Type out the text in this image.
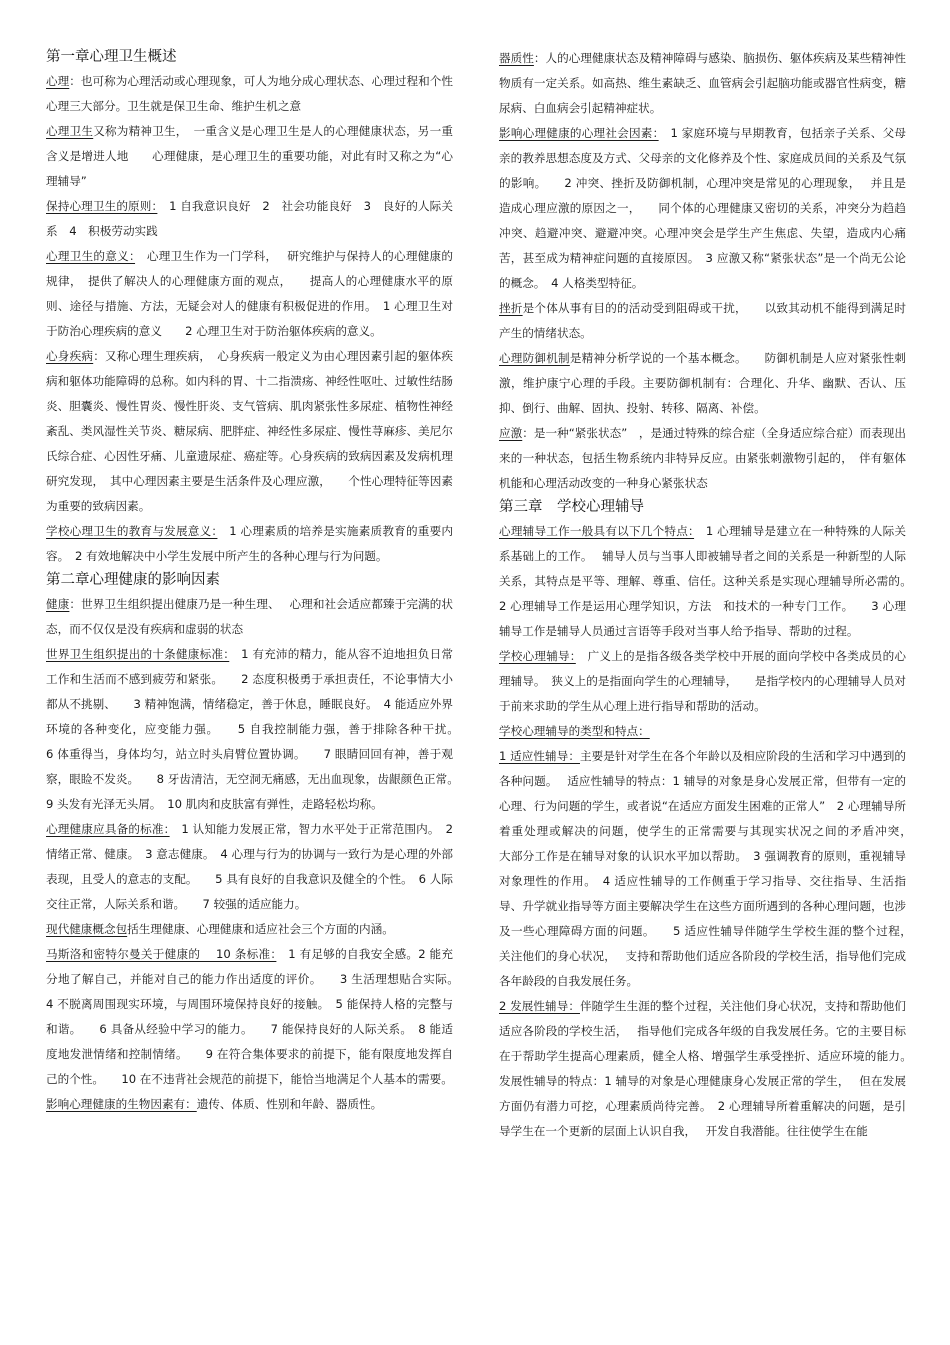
第一章心理卫生概述

心理：也可称为心理活动或心理现象，可人为地分成心理状态、心理过程和个性心理三大部分。卫生就是保卫生命、维护生机之意

心理卫生又称为精神卫生，　一重含义是心理卫生是人的心理健康状态，另一重含义是增进人地　　心理健康，是心理卫生的重要功能，对此有时又称之为“心理辅导”

保持心理卫生的原则：　1 自我意识良好　2　社会功能良好　3　良好的人际关系　4　积极劳动实践

心理卫生的意义：　心理卫生作为一门学科，　 研究维护与保持人的心理健康的规律，　提供了解决人的心理健康方面的观点，　　提高人的心理健康水平的原则、途径与措施、方法，无疑会对人的健康有积极促进的作用。　1 心理卫生对于防治心理疾病的意义　　2 心理卫生对于防治躯体疾病的意义。

心身疾病：又称心理生理疾病，　心身疾病一般定义为由心理因素引起的躯体疾病和躯体功能障碍的总称。如内科的胃、十二指溃疡、神经性呕吐、过敏性结肠炎、胆囊炎、慢性胃炎、慢性肝炎、支气管病、肌肉紧张性多尿症、植物性神经紊乱、类风湿性关节炎、糖尿病、肥胖症、神经性多尿症、慢性荨麻疹、美尼尔氏综合症、心因性牙痛、儿童遗尿症、癌症等。心身疾病的致病因素及发病机理研究发现，　其中心理因素主要是生活条件及心理应激，　　个性心理特征等因素为重要的致病因素。

学校心理卫生的教育与发展意义：　1 心理素质的培养是实施素质教育的重要内容。　2 有效地解决中小学生发展中所产生的各种心理与行为问题。

第二章心理健康的影响因素

健康：世界卫生组织提出健康乃是一种生理、　 心理和社会适应都臻于完满的状态，而不仅仅是没有疾病和虚弱的状态

世界卫生组织提出的十条健康标准：　1 有充沛的精力，能从容不迫地担负日常工作和生活而不感到疲劳和紧张。　　2 态度积极勇于承担责任，不论事情大小都从不挑剔、　　3 精神饱满，情绪稳定，善于休息，睡眠良好。　4 能适应外界环境的各种变化，应变能力强。　　5 自我控制能力强，善于排除各种干扰。　　6 体重得当，身体均匀，站立时头肩臂位置协调。　　7 眼睛回回有神，善于观察，眼睑不发炎。　　8 牙齿清洁，无空洞无痛感，无出血现象，齿龈颜色正常。　　9 头发有光泽无头屑。　10 肌肉和皮肤富有弹性，走路轻松均称。

心理健康应具备的标准：　1 认知能力发展正常，智力水平处于正常范围内。　2 情绪正常、健康。　3 意志健康。　4 心理与行为的协调与一致行为是心理的外部表现，且受人的意志的支配。　　5 具有良好的自我意识及健全的个性。　6 人际交往正常，人际关系和谐。　　7 较强的适应能力。

现代健康概念包括生理健康、心理健康和适应社会三个方面的内涵。

马斯洛和密特尔曼关于健康的　 10 条标准：　1 有足够的自我安全感。2 能充分地了解自己，并能对自己的能力作出适度的评价。　　3 生活理想贴合实际。　4 不脱离周围现实环境，与周围环境保持良好的接触。　5 能保持人格的完整与和谐。　　6 具备从经验中学习的能力。　　7 能保持良好的人际关系。　8 能适度地发泄情绪和控制情绪。　　9 在符合集体要求的前提下，能有限度地发挥自己的个性。　　10 在不违背社会规范的前提下，能恰当地满足个人基本的需要。

影响心理健康的生物因素有：遗传、体质、性别和年龄、器质性。

器质性：人的心理健康状态及精神障碍与感染、脑损伤、躯体疾病及某些精神性物质有一定关系。如高热、维生素缺乏、血管病会引起脑功能或器官性病变，糖尿病、白血病会引起精神症状。

影响心理健康的心理社会因素：　1 家庭环境与早期教育，包括亲子关系、父母亲的教养思想态度及方式、父母亲的文化修养及个性、家庭成员间的关系及气氛的影响。　　2 冲突、挫折及防御机制，心理冲突是常见的心理现象，　 并且是造成心理应激的原因之一，　　同个体的心理健康又密切的关系，冲突分为趋趋冲突、趋避冲突、避避冲突。心理冲突会是学生产生焦虑、失望，造成内心痛苦，甚至成为精神症问题的直接原因。　3 应激又称“紧张状态”是一个尚无公论的概念。　4 人格类型特征。

挫折是个体从事有目的的活动受到阻碍或干扰，　　以致其动机不能得到满足时产生的情绪状态。

心理防御机制是精神分析学说的一个基本概念。　　防御机制是人应对紧张性刺激，维护康宁心理的手段。主要防御机制有：合理化、升华、幽默、否认、压抑、倒行、曲解、固执、投射、转移、隔离、补偿。

应激：是一种“紧张状态”　，是通过特殊的综合症（全身适应综合症）而表现出来的一种状态，包括生物系统内非特异反应。由紧张刺激物引起的，　伴有躯体机能和心理活动改变的一种身心紧张状态

第三章　学校心理辅导

心理辅导工作一般具有以下几个特点：　1 心理辅导是建立在一种特殊的人际关系基础上的工作。　 辅导人员与当事人即被辅导者之间的关系是一种新型的人际关系，其特点是平等、理解、尊重、信任。这种关系是实现心理辅导所必需的。　　2 心理辅导工作是运用心理学知识，方法　和技术的一种专门工作。　　3 心理辅导工作是辅导人员通过言语等手段对当事人给予指导、帮助的过程。

学校心理辅导：　广义上的是指各级各类学校中开展的面向学校中各类成员的心理辅导。　狭义上的是指面向学生的心理辅导，　　是指学校内的心理辅导人员对于前来求助的学生从心理上进行指导和帮助的活动。

学校心理辅导的类型和特点：

1 适应性辅导：主要是针对学生在各个年龄以及相应阶段的生活和学习中遇到的各种问题。　 适应性辅导的特点：1 辅导的对象是身心发展正常，但带有一定的心理、行为问题的学生，或者说“在适应方面发生困难的正常人”　2 心理辅导所着重处理或解决的问题，使学生的正常需要与其现实状况之间的矛盾冲突，　　大部分工作是在辅导对象的认识水平加以帮助。　3 强调教育的原则，重视辅导对象理性的作用。　4 适应性辅导的工作侧重于学习指导、交往指导、生活指导、升学就业指导等方面主要解决学生在这些方面所遇到的各种心理问题，也涉及一些心理障碍方面的问题。　　5 适应性辅导伴随学生学校生涯的整个过程，　 关注他们的身心状况，　 支持和帮助他们适应各阶段的学校生活，指导他们完成各年龄段的自我发展任务。

2 发展性辅导：伴随学生生涯的整个过程，关注他们身心状况，支持和帮助他们适应各阶段的学校生活，　 指导他们完成各年级的自我发展任务。它的主要目标在于帮助学生提高心理素质，健全人格、增强学生承受挫折、适应环境的能力。　　发展性辅导的特点：1 辅导的对象是心理健康身心发展正常的学生，　 但在发展方面仍有潜力可挖，心理素质尚待完善。　2 心理辅导所着重解决的问题，是引导学生在一个更新的层面上认识自我，　 开发自我潜能。往往使学生在能
